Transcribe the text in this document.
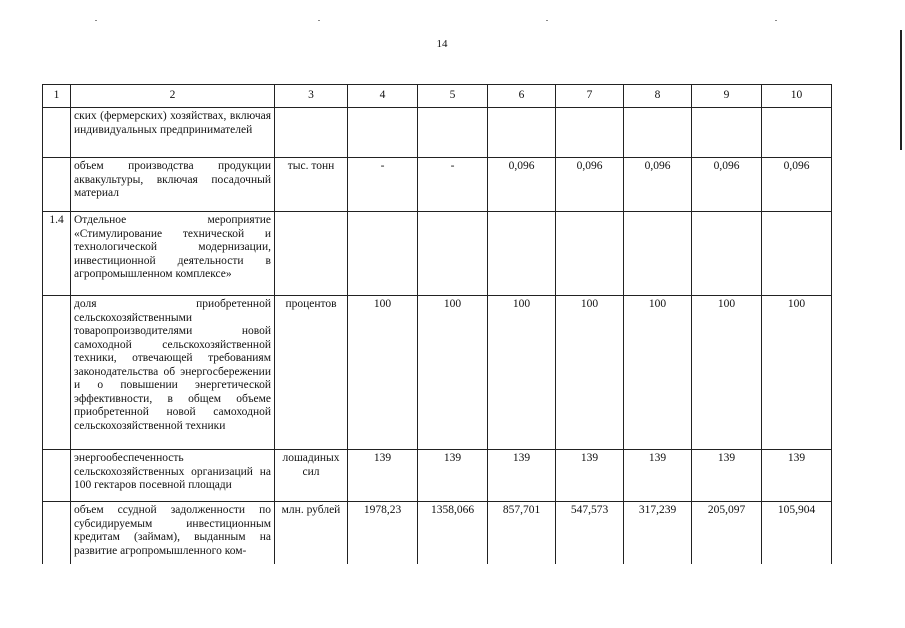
14
1	2	3	4	5	6	7	8	9	10
	ских (фермерских) хозяйствах, включая индивидуальных предпринимателей								
	объем производства продукции аквакультуры, включая посадочный материал	тыс. тонн	-	-	0,096	0,096	0,096	0,096	0,096
1.4	Отдельное мероприятие «Стимулирование технической и технологической модернизации, инвестиционной деятельности в агропромышленном комплексе»								
	доля приобретенной сельскохозяйственными товаропроизводителями новой самоходной сельскохозяйственной техники, отвечающей требованиям законодательства об энергосбережении и о повышении энергетической эффективности, в общем объеме приобретенной новой самоходной сельскохозяйственной техники	процентов	100	100	100	100	100	100	100
	энергообеспеченность сельскохозяйственных организаций на 100 гектаров посевной площади	лошадиных сил	139	139	139	139	139	139	139
	объем ссудной задолженности по субсидируемым инвестиционным кредитам (займам), выданным на развитие агропромышленного ком-	млн. рублей	1978,23	1358,066	857,701	547,573	317,239	205,097	105,904
